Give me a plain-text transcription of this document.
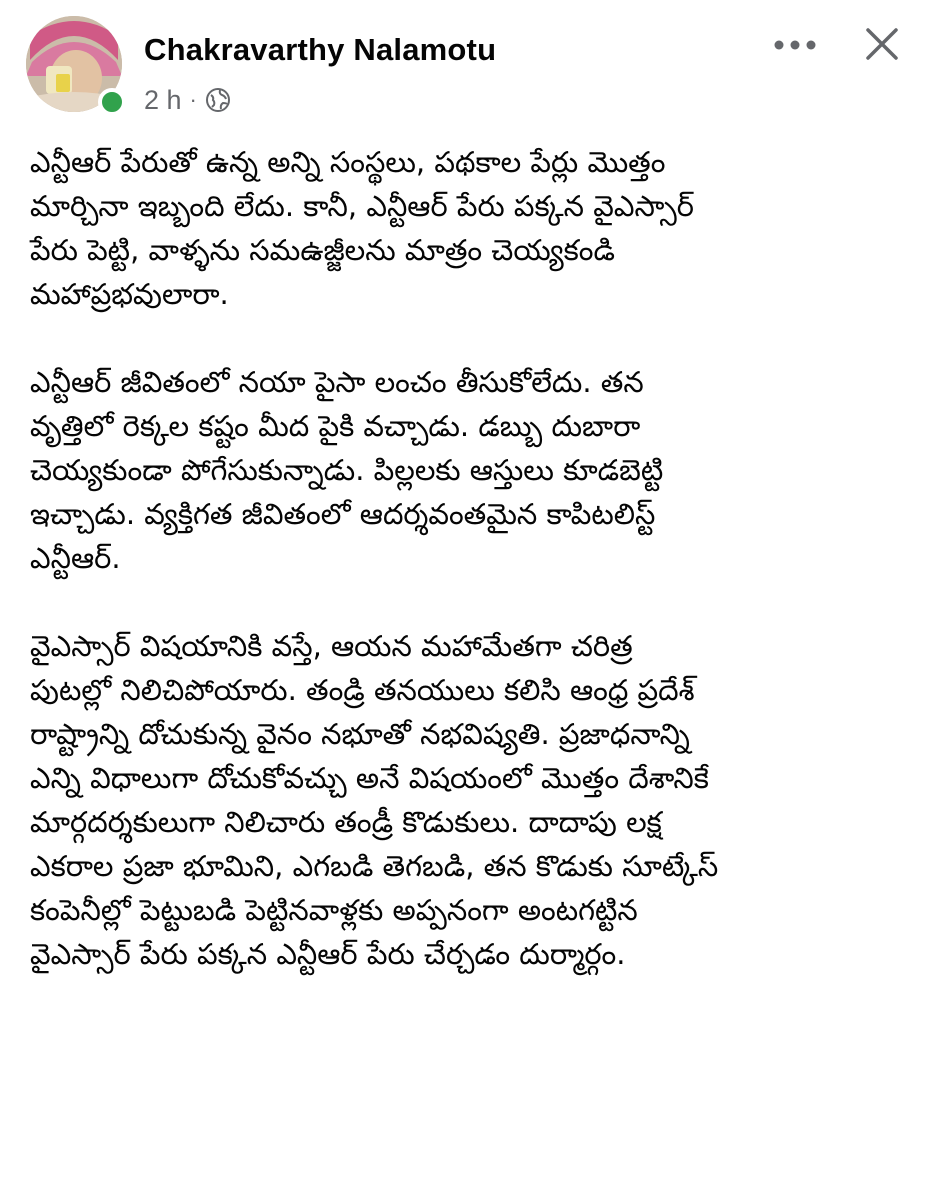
Chakravarthy Nalamotu
2 h ·

ఎన్టీఆర్ పేరుతో ఉన్న అన్ని సంస్థలు, పథకాల పేర్లు మొత్తం
మార్చినా ఇబ్బంది లేదు. కానీ, ఎన్టీఆర్ పేరు పక్కన వైఎస్సార్
పేరు పెట్టి, వాళ్ళను సమఉజ్జీలను మాత్రం చెయ్యకండి
మహాప్రభవులారా.

ఎన్టీఆర్ జీవితంలో నయా పైసా లంచం తీసుకోలేదు. తన
వృత్తిలో రెక్కల కష్టం మీద పైకి వచ్చాడు. డబ్బు దుబారా
చెయ్యకుండా పోగేసుకున్నాడు. పిల్లలకు ఆస్తులు కూడబెట్టి
ఇచ్చాడు. వ్యక్తిగత జీవితంలో ఆదర్శవంతమైన కాపిటలిస్ట్
ఎన్టీఆర్.

వైఎస్సార్ విషయానికి వస్తే, ఆయన మహామేతగా చరిత్ర
పుటల్లో నిలిచిపోయారు. తండ్రి తనయులు కలిసి ఆంధ్ర ప్రదేశ్
రాష్ట్రాన్ని దోచుకున్న వైనం నభూతో నభవిష్యతి. ప్రజాధనాన్ని
ఎన్ని విధాలుగా దోచుకోవచ్చు అనే విషయంలో మొత్తం దేశానికే
మార్గదర్శకులుగా నిలిచారు తండ్రీ కొడుకులు. దాదాపు లక్ష
ఎకరాల ప్రజా భూమిని, ఎగబడి తెగబడి, తన కొడుకు సూట్కేస్
కంపెనీల్లో పెట్టుబడి పెట్టినవాళ్లకు అప్పనంగా అంటగట్టిన
వైఎస్సార్ పేరు పక్కన ఎన్టీఆర్ పేరు చేర్చడం దుర్మార్గం.
